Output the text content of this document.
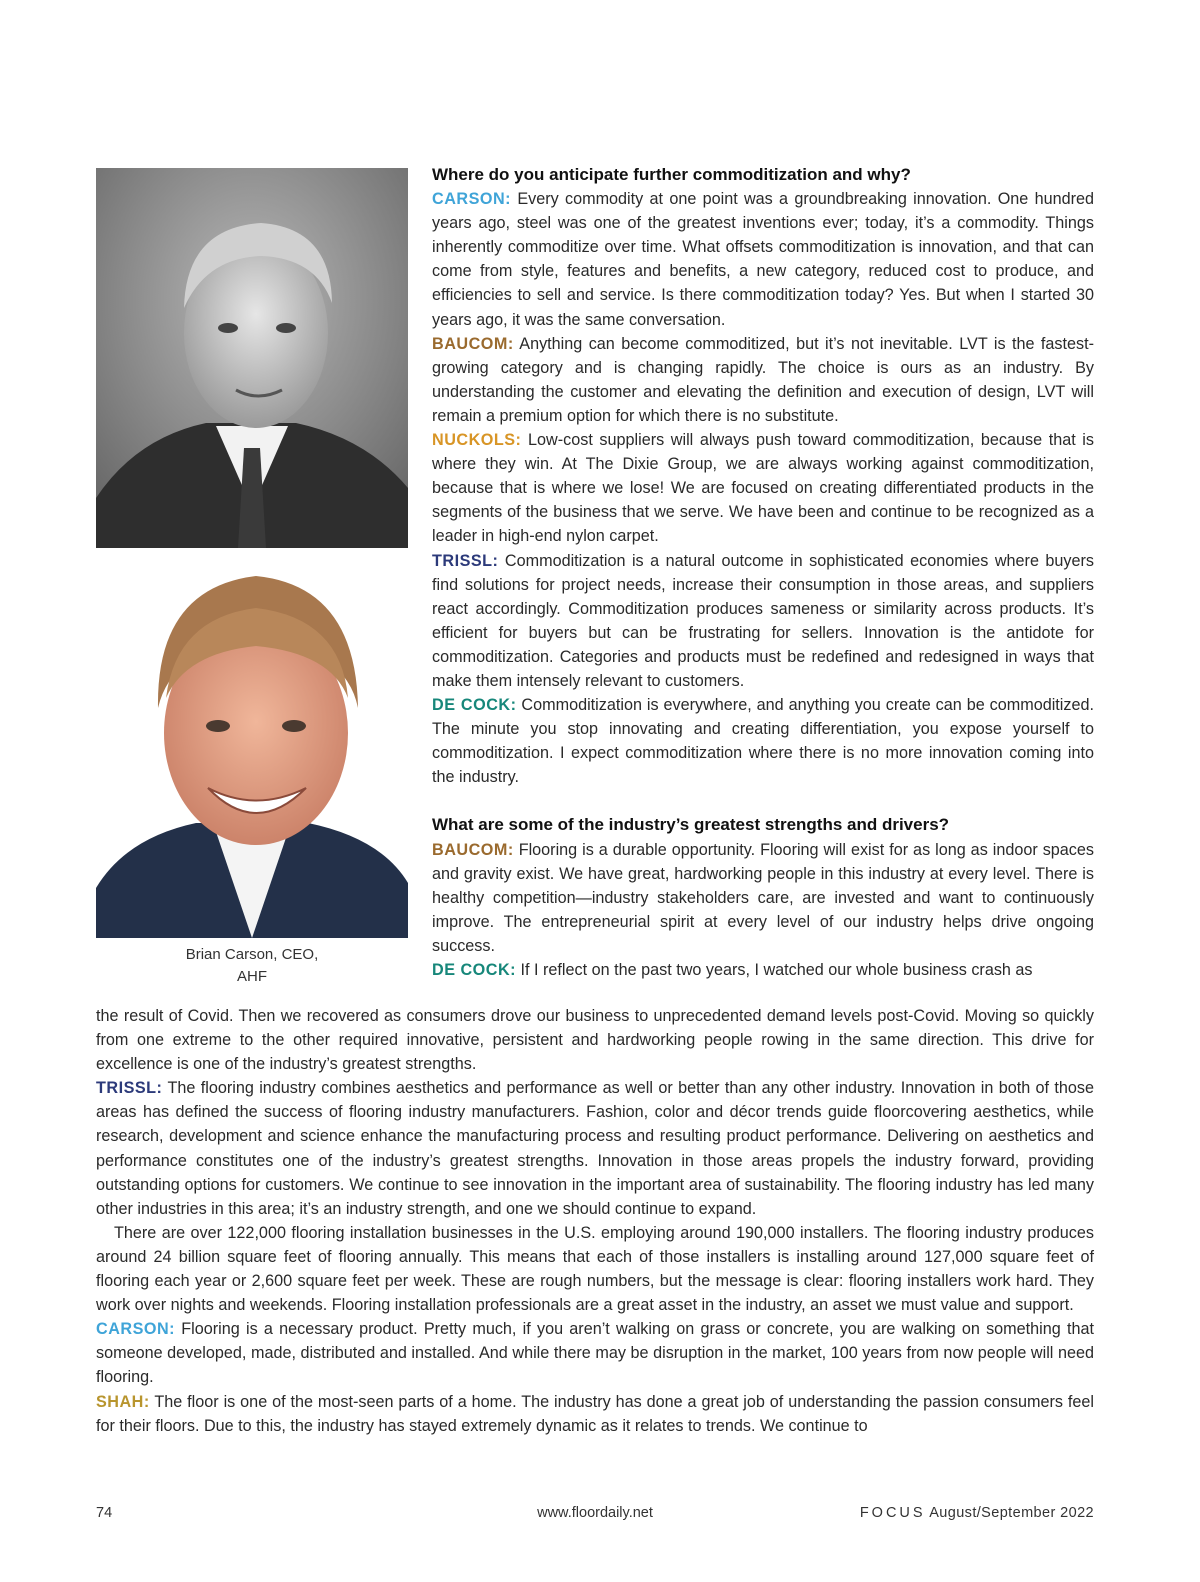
Brian Carson, CEO,
AHF

Where do you anticipate further commoditization and why?

CARSON: Every commodity at one point was a groundbreaking innovation. One hundred years ago, steel was one of the greatest inventions ever; today, it’s a commodity. Things inherently commoditize over time. What offsets commoditization is innovation, and that can come from style, features and benefits, a new category, reduced cost to produce, and efficiencies to sell and service. Is there commoditization today? Yes. But when I started 30 years ago, it was the same conversation.

BAUCOM: Anything can become commoditized, but it’s not inevitable. LVT is the fastest-growing category and is changing rapidly. The choice is ours as an industry. By understanding the customer and elevating the definition and execution of design, LVT will remain a premium option for which there is no substitute.

NUCKOLS: Low-cost suppliers will always push toward commoditization, because that is where they win. At The Dixie Group, we are always working against commoditization, because that is where we lose! We are focused on creating differentiated products in the segments of the business that we serve. We have been and continue to be recognized as a leader in high-end nylon carpet.

TRISSL: Commoditization is a natural outcome in sophisticated economies where buyers find solutions for project needs, increase their consumption in those areas, and suppliers react accordingly. Commoditization produces sameness or similarity across products. It’s efficient for buyers but can be frustrating for sellers. Innovation is the antidote for commoditization. Categories and products must be redefined and redesigned in ways that make them intensely relevant to customers.

DE COCK: Commoditization is everywhere, and anything you create can be commoditized. The minute you stop innovating and creating differentiation, you expose yourself to commoditization. I expect commoditization where there is no more innovation coming into the industry.

What are some of the industry’s greatest strengths and drivers?

BAUCOM: Flooring is a durable opportunity. Flooring will exist for as long as indoor spaces and gravity exist. We have great, hardworking people in this industry at every level. There is healthy competition—industry stakeholders care, are invested and want to continuously improve. The entrepreneurial spirit at every level of our industry helps drive ongoing success.

DE COCK: If I reflect on the past two years, I watched our whole business crash as

the result of Covid. Then we recovered as consumers drove our business to unprecedented demand levels post-Covid. Moving so quickly from one extreme to the other required innovative, persistent and hardworking people rowing in the same direction. This drive for excellence is one of the industry’s greatest strengths.

TRISSL: The flooring industry combines aesthetics and performance as well or better than any other industry. Innovation in both of those areas has defined the success of flooring industry manufacturers. Fashion, color and décor trends guide floorcovering aesthetics, while research, development and science enhance the manufacturing process and resulting product performance. Delivering on aesthetics and performance constitutes one of the industry’s greatest strengths. Innovation in those areas propels the industry forward, providing outstanding options for customers. We continue to see innovation in the important area of sustainability. The flooring industry has led many other industries in this area; it’s an industry strength, and one we should continue to expand.

There are over 122,000 flooring installation businesses in the U.S. employing around 190,000 installers. The flooring industry produces around 24 billion square feet of flooring annually. This means that each of those installers is installing around 127,000 square feet of flooring each year or 2,600 square feet per week. These are rough numbers, but the message is clear: flooring installers work hard. They work over nights and weekends. Flooring installation professionals are a great asset in the industry, an asset we must value and support.

CARSON: Flooring is a necessary product. Pretty much, if you aren’t walking on grass or concrete, you are walking on something that someone developed, made, distributed and installed. And while there may be disruption in the market, 100 years from now people will need flooring.

SHAH: The floor is one of the most-seen parts of a home. The industry has done a great job of understanding the passion consumers feel for their floors. Due to this, the industry has stayed extremely dynamic as it relates to trends. We continue to

74	www.floordaily.net	FOCUS August/September 2022
